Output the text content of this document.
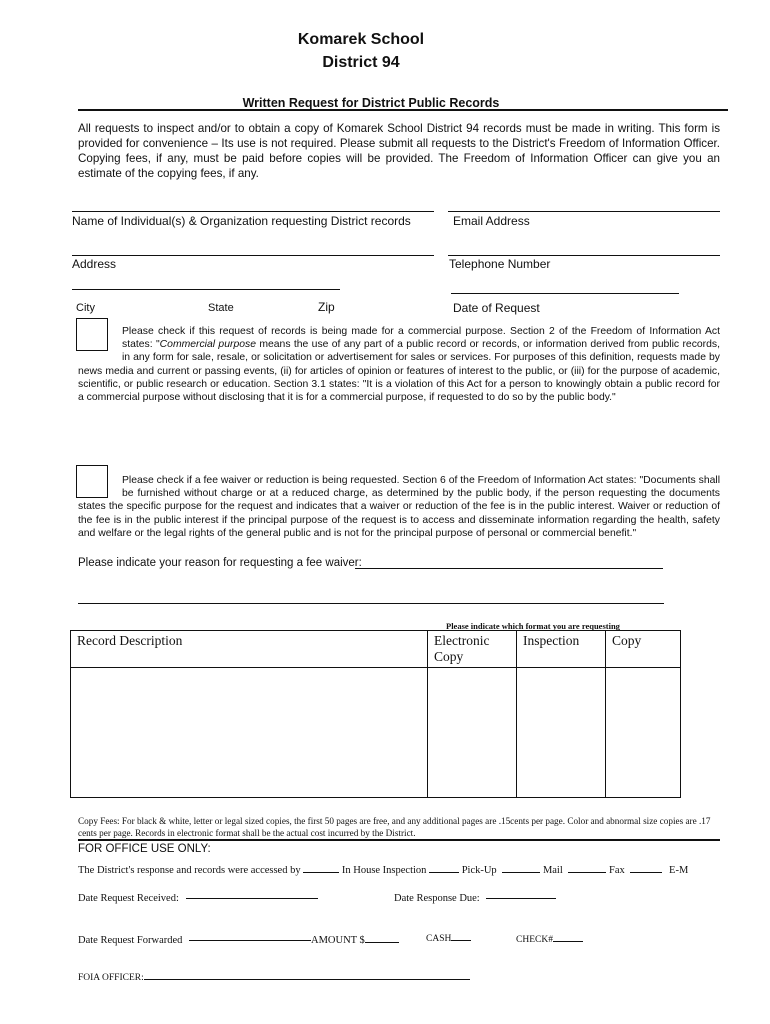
Komarek School
District 94
Written Request for District Public Records
All requests to inspect and/or to obtain a copy of Komarek School District 94 records must be made in writing. This form is provided for convenience – Its use is not required. Please submit all requests to the District's Freedom of Information Officer. Copying fees, if any, must be paid before copies will be provided. The Freedom of Information Officer can give you an estimate of the copying fees, if any.
Name of Individual(s) & Organization requesting District records	Email Address
Address	Telephone Number
City	State	Zip	Date of Request
Please check if this request of records is being made for a commercial purpose. Section 2 of the Freedom of Information Act states: "Commercial purpose means the use of any part of a public record or records, or information derived from public records, in any form for sale, resale, or solicitation or advertisement for sales or services. For purposes of this definition, requests made by news media and current or passing events, (ii) for articles of opinion or features of interest to the public, or (iii) for the purpose of academic, scientific, or public research or education. Section 3.1 states: "It is a violation of this Act for a person to knowingly obtain a public record for a commercial purpose without disclosing that it is for a commercial purpose, if requested to do so by the public body."
Please check if a fee waiver or reduction is being requested. Section 6 of the Freedom of Information Act states: "Documents shall be furnished without charge or at a reduced charge, as determined by the public body, if the person requesting the documents states the specific purpose for the request and indicates that a waiver or reduction of the fee is in the public interest. Waiver or reduction of the fee is in the public interest if the principal purpose of the request is to access and disseminate information regarding the health, safety and welfare or the legal rights of the general public and is not for the principal purpose of personal or commercial benefit."
Please indicate your reason for requesting a fee waiver:
Please indicate which format you are requesting
Record Description	Electronic Copy	Inspection	Copy

Copy Fees: For black & white, letter or legal sized copies, the first 50 pages are free, and any additional pages are .15cents per page. Color and abnormal size copies are .17 cents per page. Records in electronic format shall be the actual cost incurred by the District.
FOR OFFICE USE ONLY:
The District's response and records were accessed by	In House Inspection	Pick-Up	Mail	Fax	E-M
Date Request Received:	Date Response Due:
Date Request Forwarded	AMOUNT $	CASH	CHECK#
FOIA OFFICER:
